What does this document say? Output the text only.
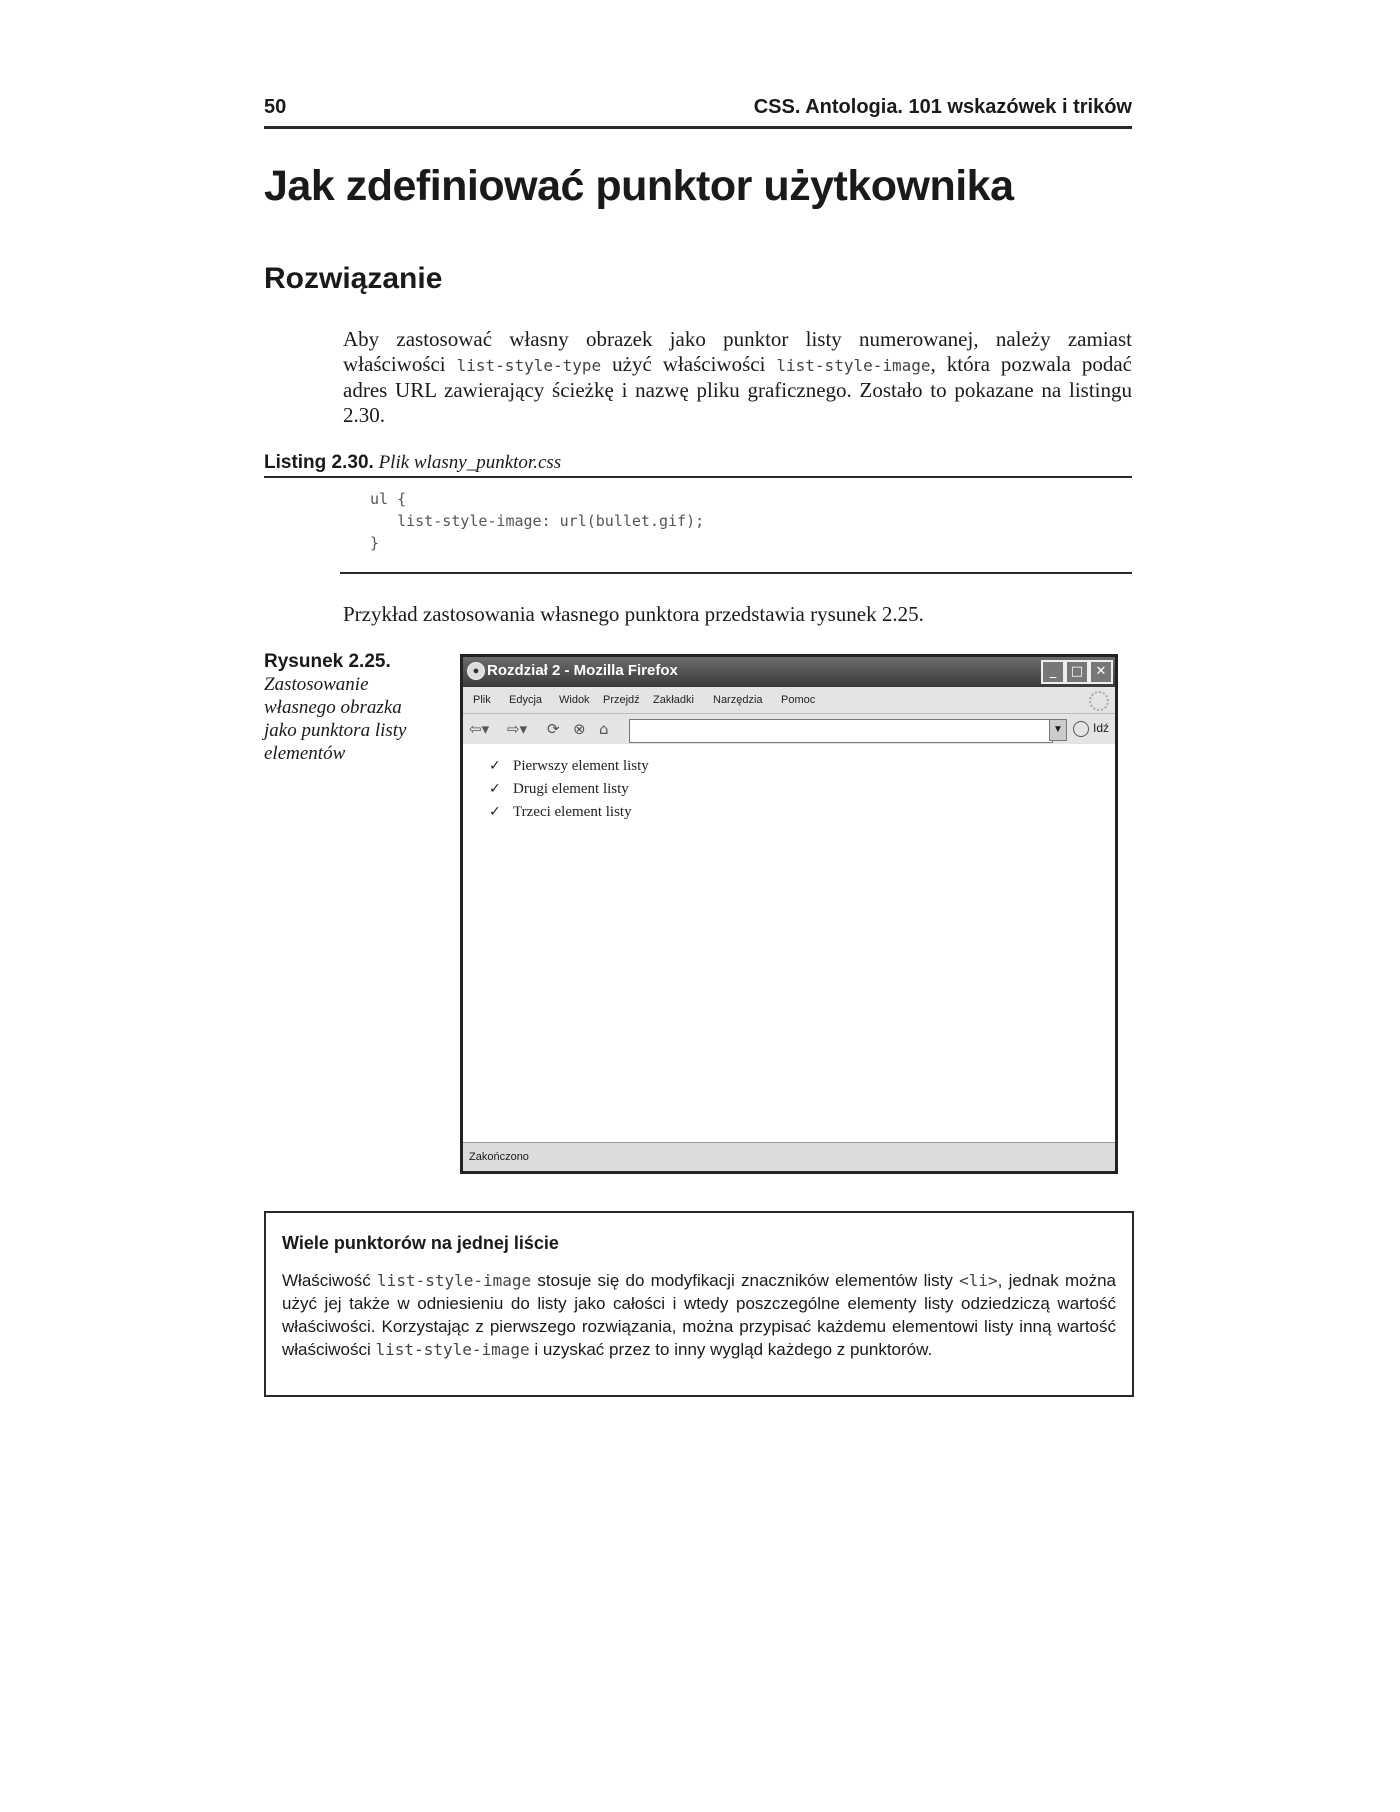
50	CSS. Antologia. 101 wskazówek i trików
Jak zdefiniować punktor użytkownika
Rozwiązanie

Aby zastosować własny obrazek jako punktor listy numerowanej, należy zamiast właściwości list-style-type użyć właściwości list-style-image, która pozwala podać adres URL zawierający ścieżkę i nazwę pliku graficznego. Zostało to pokazane na listingu 2.30.

Listing 2.30. Plik wlasny_punktor.css
ul {
list-style-image: url(bullet.gif);
}

Przykład zastosowania własnego punktora przedstawia rysunek 2.25.

Rysunek 2.25.
Zastosowanie własnego obrazka jako punktora listy elementów
● Rozdział 2 - Mozilla Firefox	_	□ ✕
Plik Edycja Widok Przejdź Zakładki Narzędzia Pomoc
⇦▾ ⇨▾ ⟳ ⊗ ⌂	▼	Idź
✓ Pierwszy element listy
✓ Drugi element listy
✓ Trzeci element listy
Zakończono
Wiele punktorów na jednej liście

Właściwość list-style-image stosuje się do modyfikacji znaczników elementów listy <li>, jednak można użyć jej także w odniesieniu do listy jako całości i wtedy poszczególne elementy listy odziedziczą wartość właściwości. Korzystając z pierwszego rozwiązania, można przypisać każdemu elementowi listy inną wartość właściwości list-style-image i uzyskać przez to inny wygląd każdego z punktorów.
